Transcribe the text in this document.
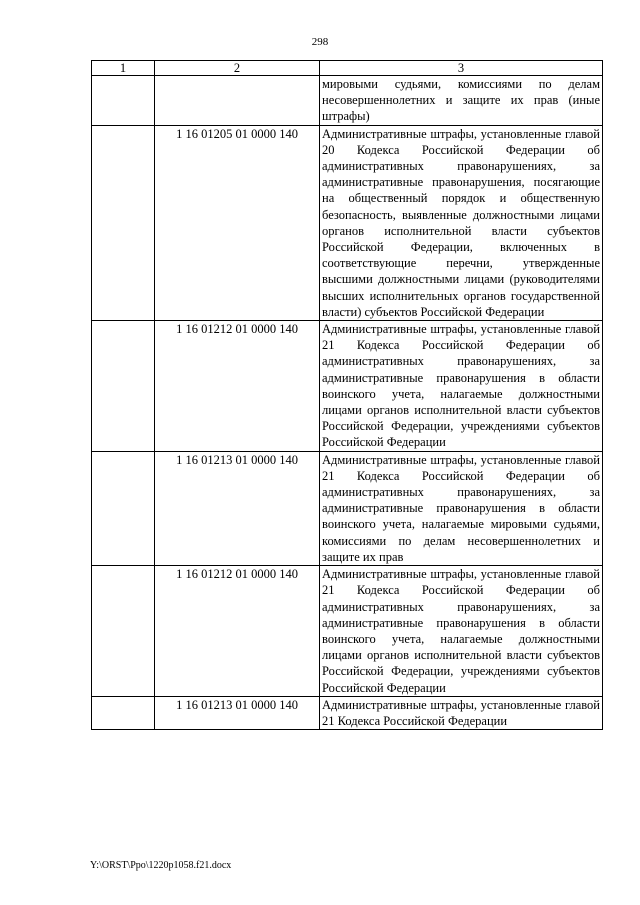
298
1	2	3
		мировыми судьями, комиссиями по делам несовершеннолетних и защите их прав (иные штрафы)
	1 16 01205 01 0000 140	Административные штрафы, установленные главой 20 Кодекса Российской Федерации об административных правонарушениях, за административные правонарушения, посягающие на общественный порядок и общественную безопасность, выявленные должностными лицами органов исполнительной власти субъектов Российской Федерации, включенных в соответствующие перечни, утвержденные высшими должностными лицами (руководителями высших исполнительных органов государственной власти) субъектов Российской Федерации
	1 16 01212 01 0000 140	Административные штрафы, установленные главой 21 Кодекса Российской Федерации об административных правонарушениях, за административные правонарушения в области воинского учета, налагаемые должностными лицами органов исполнительной власти субъектов Российской Федерации, учреждениями субъектов Российской Федерации
	1 16 01213 01 0000 140	Административные штрафы, установленные главой 21 Кодекса Российской Федерации об административных правонарушениях, за административные правонарушения в области воинского учета, налагаемые мировыми судьями, комиссиями по делам несовершеннолетних и защите их прав
	1 16 01212 01 0000 140	Административные штрафы, установленные главой 21 Кодекса Российской Федерации об административных правонарушениях, за административные правонарушения в области воинского учета, налагаемые должностными лицами органов исполнительной власти субъектов Российской Федерации, учреждениями субъектов Российской Федерации
	1 16 01213 01 0000 140	Административные штрафы, установленные главой 21 Кодекса Российской Федерации
Y:\ORST\Ppo\1220p1058.f21.docx
